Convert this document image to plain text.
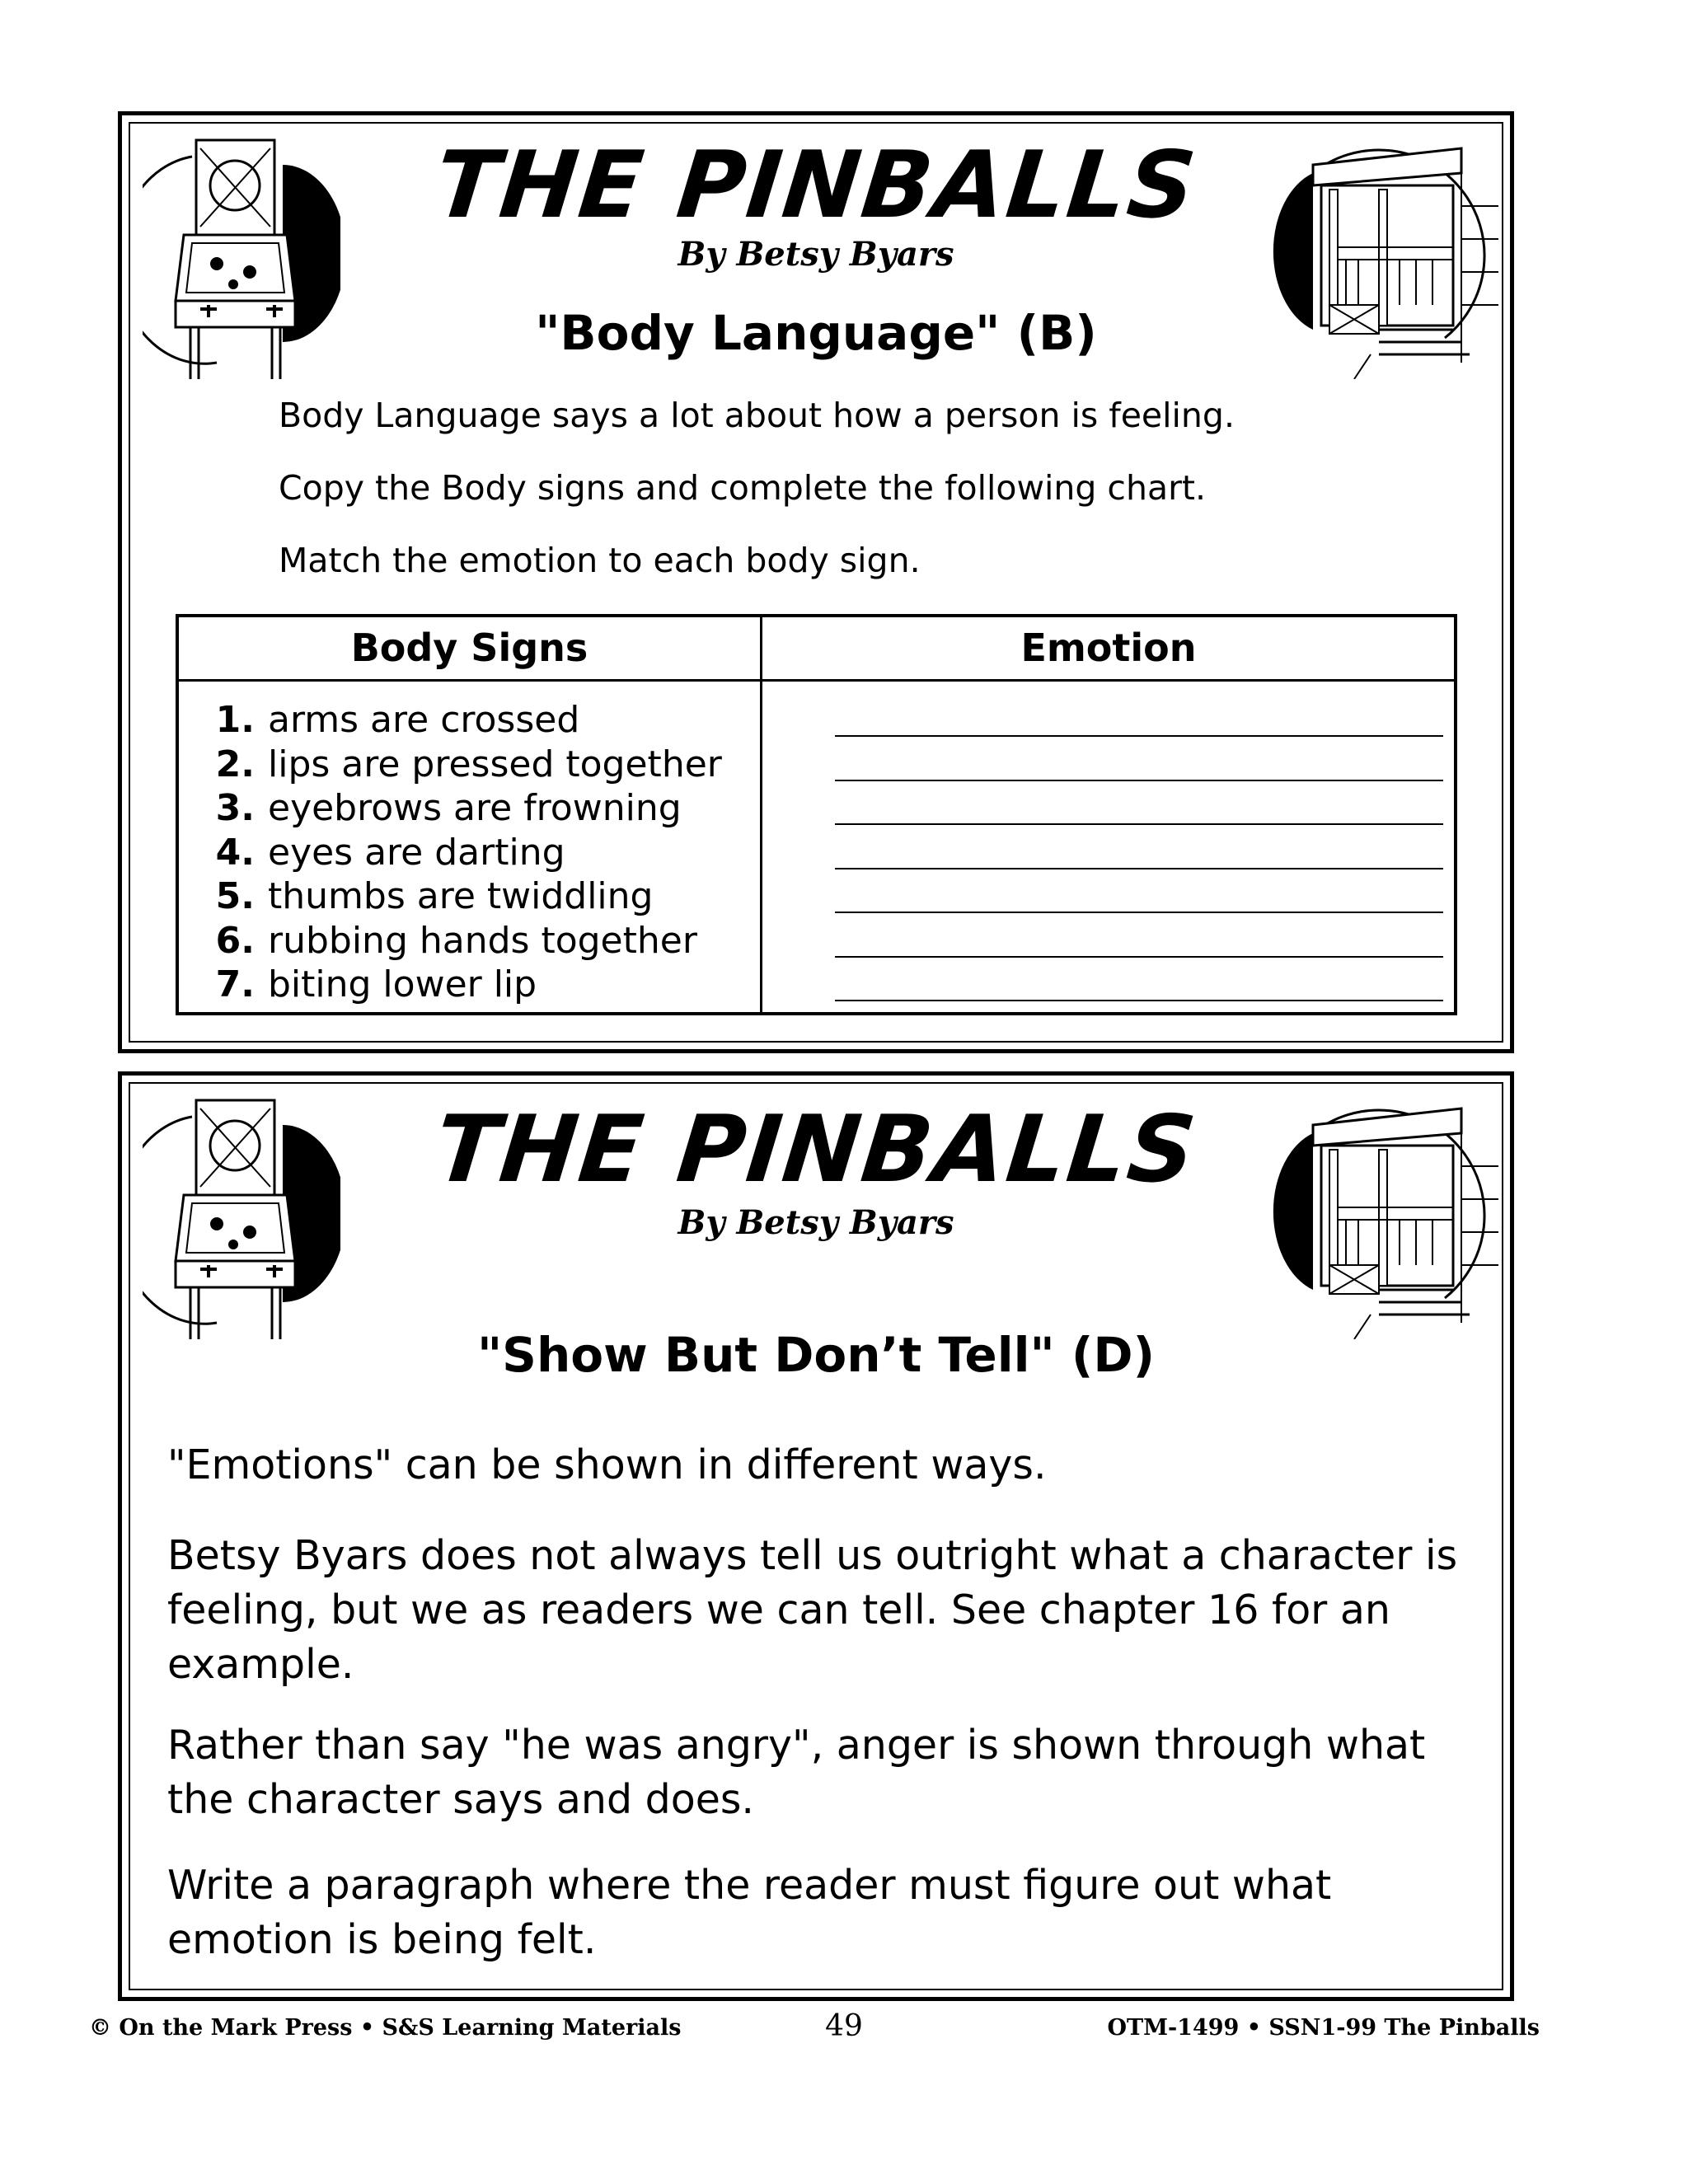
THE PINBALLS
By Betsy Byars
"Body Language" (B)

Body Language says a lot about how a person is feeling.

Copy the Body signs and complete the following chart.

Match the emotion to each body sign.

Body Signs	Emotion
1. arms are crossed
2. lips are pressed together
3. eyebrows are frowning
4. eyes are darting
5. thumbs are twiddling
6. rubbing hands together
7. biting lower lip
THE PINBALLS
By Betsy Byars
"Show But Don’t Tell" (D)

"Emotions" can be shown in different ways.

Betsy Byars does not always tell us outright what a character is feeling, but we as readers we can tell. See chapter 16 for an example.

Rather than say "he was angry", anger is shown through what the character says and does.

Write a paragraph where the reader must figure out what emotion is being felt.

© On the Mark Press • S&S Learning Materials	49	OTM-1499 • SSN1-99 The Pinballs
